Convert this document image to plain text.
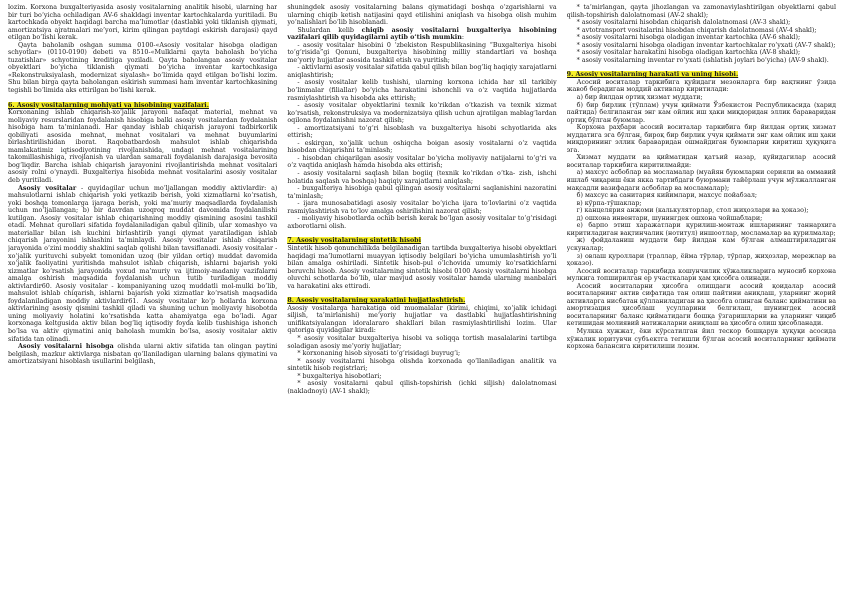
lozim. Korxona buxgalteriyasida asosiy vositalarning analitik hisobi, ularning har bir turi bo‘yicha ochiladigan AV-6 shakldagi inventar kartochkalarda yuritiladi. Bu kartochkada obyekt haqidagi barcha ma’lumotlar (dastlabki yoki tiklanish qiymati, amortizatsiya ajratmalari me’yori, kirim qilingan paytdagi eskirish darajasi) qayd etilgan bo‘lishi kerak.

Qayta baholanib oshgan summa 0100-«Asosiy vositalar hisobga oladigan schyotlar» (0110-0190) debeti va 8510-«Mulklarni qayta baholash bo‘yicha tuzatishlar» schyotining kreditiga yoziladi. Qayta baholangan asosiy vositalar obyektlari bo‘yicha tiklanish qiymati bo‘yicha inventar kartochkasiga «Rekonstruksiyalash, modernizat siyalash» bo‘limida qayd etilgan bo‘lishi lozim. Shu bilan birga qayta baholangan eskirish summasi ham inventar kartochkasining tegishli bo‘limida aks ettirilgan bo‘lishi kerak.

6. Asosiy vositalarning mohiyati va hisobining vazifalari.

Korxonaning ishlab chiqarish-xo‘jalik jarayoni nafaqat material, mehnat va moliyaviy resurslaridan foydalanish hisobiga balki asosiy vositalardan foydalanish hisobiga ham ta’minlanadi. Har qanday ishlab chiqarish jarayoni tadbirkorlik qobiliyati asosida mehnat, mehnat vositalari va mehnat buyumlarini birlashtirilishidan iborat. Raqobatbardosh mahsulot ishlab chiqarishda mamlakatimiz iqtisodiyotining rivojlanishida, undagi mehnat vositalarining takomillashishiga, rivojlanish va ulardan samarali foydalanish darajasiga bevosita bog‘liqdir. Barcha ishlab chiqarish jarayonini rivojlantirishda mehnat vositalari asosiy rolni o‘ynaydi. Buxgalteriya hisobida mehnat vositalarini asosiy vositalar deb yuritiladi.

Asosiy vositalar - quyidagilar uchun mo‘ljallangan moddiy aktivlardir: a) mahsulotlarni ishlab chiqarish yoki yetkazib berish, yoki xizmatlarni ko‘rsatish, yoki boshqa tomonlarga ijaraga berish, yoki ma’muriy maqsadlarda foydalanish uchun mo‘ljallangan; b) bir davrdan uzoqroq muddat davomida foydalanilishi kutilgan. Asosiy vositalar ishlab chiqarishning moddiy qismining asosini tashkil etadi. Mehnat qurollari sifatida foydalaniladigan qabul qilinib, ular xomashyo va materiallar bilan ish kuchini birlashtirib yangi qiymat yaratiladigan ishlab chiqarish jarayonini ishlashini ta’minlaydi. Asosiy vositalar ishlab chiqarish jarayonida o‘zini moddiy shaklini saqlab qolishi bilan tavsiflanadi. Asosiy vositalar - xo‘jalik yurituvchi subyekt tomonidan uzoq (bir yildan ortiq) muddat davomida xo‘jalik faoliyatini yuritishda mahsulot ishlab chiqarish, ishlarni bajarish yoki xizmatlar ko‘rsatish jarayonida yoxud ma’muriy va ijtimoiy-madaniy vazifalarni amalga oshirish maqsadida foydalanish uchun tutib turiladigan moddiy aktivlardir60. Asosiy vositalar - kompaniyaning uzoq muddatli mol-mulki bo‘lib, mahsulot ishlab chiqarish, ishlarni bajarish yoki xizmatlar ko‘rsatish maqsadida foydalaniladigan moddiy aktivlardir61. Asosiy vositalar ko‘p hollarda korxona aktivlarining asosiy qismini tashkil qiladi va shuning uchun moliyaviy hisobotda uning moliyaviy holatini ko‘rsatishda katta ahamiyatga ega bo‘ladi. Agar korxonaga keltgusida aktiv bilan bog‘liq iqtisodiy foyda kelib tushishiga ishonch bo‘lsa va aktiv qiymatini aniq baholash mumkin bo‘lsa, asosiy vositalar aktiv sifatida tan olinadi.

Asosiy vositalarni hisobga olishda ularni aktiv sifatida tan olingan paytini belgilash, mazkur aktivlarga nisbatan qo‘llaniladigan ularning balans qiymatini va amortizatsiyani hisoblash usullarini belgilash,

shuningdek asosiy vositalarning balans qiymatidagi boshqa o‘zgarishlarni va ularning chiqib ketish natijasini qayd etilishini aniqlash va hisobga olish muhim yo‘nalishlari bo‘lib hisoblanadi.

Shulardan kelib chiqib asosiy vositalarni buxgalteriya hisobining vazifalari qilib quyidagilarni aytib o‘tish mumkin:

- asosiy vositalar hisobini 0 ‘zbekiston Respublikasining “Buxgalteriya hisobi to‘g‘risida”gi Qonuni, buxgalteriya hisobining milliy standartlari va boshqa me’yoriy hujjatlar asosida tashkil etish va yuritish;

- aktivlarni asosiy vositalar sifatida qabul qilish bilan bog‘liq haqiqiy xarajatlarni aniqlashtirish;

- asosiy vositalar kelib tushishi, ularning korxona ichida har xil tarkibiy bo‘linmalar (filiallar) bo‘yicha harakatini ishonchli va o‘z vaqtida hujjatlarda rasmiylashtirish va hisobda aks ettirish;

- asosiy vositalar obyektlarini texnik ko‘rikdan o‘tkazish va texnik xizmat ko‘rsatish, rekonstruksiya va modernizatsiya qilish uchun ajratilgan mablag‘lardan oqilona foydalanishni nazorat qilish;

- amortizatsiyani to‘g‘ri hisoblash va buxgalteriya hisobi schyotlarida aks ettirish;

- eskirgan, xo‘jalik uchun oshiqcha boigan asosiy vositalarni o‘z vaqtida hisobdan chiqarishni ta’minlash;

- hisobdan chiqarilgan asosiy vositalar bo‘yicha moliyaviy natijalarni to‘g‘ri va o‘z vaqtida aniqlash hamda hisobda aks ettirish;

- asosiy vositalarni saqlash bilan bogiiq (texnik ko‘rikdan o‘tka- zish, ishchi holatida saqlash va boshqa) haqiqiy xarajatlarni aniqlash;

- buxgalteriya hisobiga qabul qilingan asosiy vositalarni saqlanishini nazoratini ta’minlash;

- ijara munosabatidagi asosiy vositalar bo‘yicha ijara to‘lovlarini o‘z vaqtida rasmiylashtirish va to‘lov amalga oshirilishini nazorat qilish;

- moliyaviy hisobotlarda ochib berish kerak bo‘lgan asosiy vositalar to‘g‘risidagi axborotlarni olish.

7. Asosiy vositalarning sintetik hisobi

Sintetik hisob qonunchilikda belgilanadigan tartibda buxgalteriya hisobi obyektlari haqidagi ma’lumotlarni muayyan iqtisodiy belgilari bo‘yicha umumlashtirish yo‘li bilan amalga oshiriladi. Sintetik hisob-pul o‘lchovida umumiy ko‘rsatkichlarni beruvchi hisob. Asosiy vositalarning sintetik hisobi 0100 Asosiy vositalarni hisobga oluvchi schotlarda bo‘lib, ular mavjud asosiy vositalar hamda ularning manbalari va harakatini aks ettiradi.

8. Asosiy vositalarning xarakatini hujjatlashtirish.

Asosiy vositalarga harakatiga oid muomalalar (kirimi, chiqimi, xo‘jalik ichidagi siljish, ta’mirlanishi) me’yoriy hujjatlar va dastlabki hujjatlashtirishning unifikatsiyalangan idoralararo shakllari bilan rasmiylashtirilishi lozim. Ular qatoriga quyidagilar kiradi:

* asosiy vositalar buxgalteriya hisobi va soliqqa tortish masalalarini tartibga soladigan asosiy me’yoriy hujjatlar;

* korxonaning hisob siyosati to‘g‘risidagi buyrug‘i;

* asosiy vositalarni hisobga olishda korxonada qo‘llaniladigan analitik va sintetik hisob registrlari;

* buxgalteriya hisobotlari;

* asosiy vositalarni qabul qilish-topshirish (ichki siljish) dalolatnomasi (nakladnoyi) (AV-1 shakl);

* ta’mirlangan, qayta jihozlangan va zamonaviylashtirilgan obyektlarni qabul qilish-topshirish dalolatnomasi (AV-2 shakl);

* asosiy vositalarni hisobdan chiqarish dalolatnomasi (AV-3 shakl);

* avtotransport vositalarini hisobdan chiqarish dalolatnomasi (AV-4 shakl);

* asosiy vositalarni hisobga oladigan inventar kartochka (AV-6 shakl);

* asosiy vositalarni hisobga oladigan inventar kartochkalar ro‘yxati (AV-7 shakl);

* asosiy vositalar harakatini hisobga oladigan kartochka (AV-8 shakl);

* asosiy vositalarning inventar ro‘yxati (ishlatish joylari bo‘yicha) (AV-9 shakl).

9. Asosiy vositalarning harakati va uning hisobi.

Асосий воситалар таркибига қуйидаги мезонларга бир вақтнинг ўзида жавоб берадиган моддий активлар киритилади:

а) бир йилдан ортиқ хизмат муддати;

б) бир бирлик (тўплам) учун қиймати Ўзбекистон Республикасида (харид пайтида) белгиланган энг кам ойлик иш ҳаки миқдоридан эллик бараваридан ортиқ бўлган буюмлар.

Корхона раҳбари асосий воситалар таркибига бир йилдан ортиқ хизмат муддатига эга бўлган, бироқ бир бирлик учун қиймати энг кам ойлик иш ҳаки миқдорининг эллик бараваридан ошмайдиган буюмларни киритиш ҳуқуқига эга.

Хизмат муддати ва қийматидан қатъий назар, қуйидагилар асосий воситалар таркибига киритилмайди:

а) махсус асбоблар ва мосламалар (муайян буюмларни серияли ва оммавий ишлаб чиқариш ёки якка тартибдаги буюрмани тайёрлаш учун мўлжалланган мақсадли вазифадаги асбоблар ва мосламалар);

б) махсус ва санитария кийимлари, махсус пойабзал;

в) кўрпа-тўшаклар;

г) канцелярия анжоми (калькуляторлар, стол жиҳозлари ва ҳоказо);

д) ошхона инвентари, шунингдек ошхона чойшаблари;

е) барпо этиш харажатлари қурилиш-монтаж ишларининг таннархига киритиладиган вақтинчалик (нотитул) иншоотлар, мосламалар ва қурилмалар;

ж) фойдаланиш муддати бир йилдан кам бўлган алмаштириладиган ускуналар;

з) овлаш қуроллари (траллар, ёйма тўрлар, тўрлар, жиҳозлар, мережлар ва ҳоказо).

Асосий воситалар таркибида кошунчилик хўжаликларига муносиб корхона мулкига топширилган ер участкалари ҳам ҳисобга олинади.

Асосий воситаларни ҳисобга олишдаги асосий қоидалар асосий воситаларнинг актив сифатида тан олиш пайтини аниқлаш, уларнинг жорий активларга нисбатан қўлланиладиган ва ҳисобга олинган баланс қийматини ва амортизация ҳисоблаш усулларини белгилаш, шунингдек асосий воситаларнинг баланс қийматидаги бошқа ўзгаришларни ва уларнинг чиқиб кетишидан молиявий натижаларни аниқлаш ва ҳисобга олиш ҳисобланади.

Мулкка хужжат, ёки кўрсатилган йил тескор бошқарув ҳуқуқи асосида хўжалик юритувчи субъектга тегишли бўлган асосий воситаларнинг қиймати корхона балансига киритилиши лозим.
